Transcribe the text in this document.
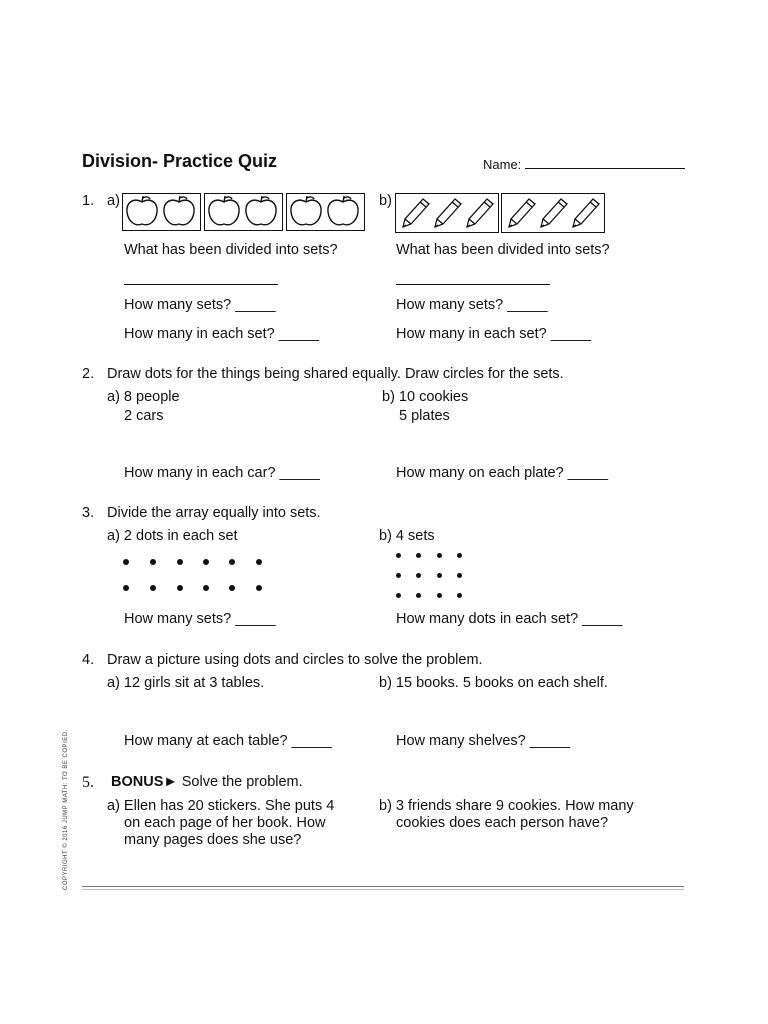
Division- Practice Quiz	Name:
1. a)	b)
What has been divided into sets?	What has been divided into sets?
How many sets? _____	How many sets? _____
How many in each set? _____	How many in each set? _____
2. Draw dots for the things being shared equally. Draw circles for the sets.
a) 8 people
2 cars
b) 10 cookies
5 plates
How many in each car? _____	How many on each plate? _____
3. Divide the array equally into sets.
a) 2 dots in each set	b) 4 sets
How many sets? _____	How many dots in each set? _____
4. Draw a picture using dots and circles to solve the problem.
a) 12 girls sit at 3 tables.	b) 15 books. 5 books on each shelf.
How many at each table? _____	How many shelves? _____
5. BONUS► Solve the problem.
a) Ellen has 20 stickers. She puts 4
on each page of her book. How
many pages does she use?
b) 3 friends share 9 cookies. How many
cookies does each person have?
COPYRIGHT © 2016 JUMP MATH: TO BE COPIED.
